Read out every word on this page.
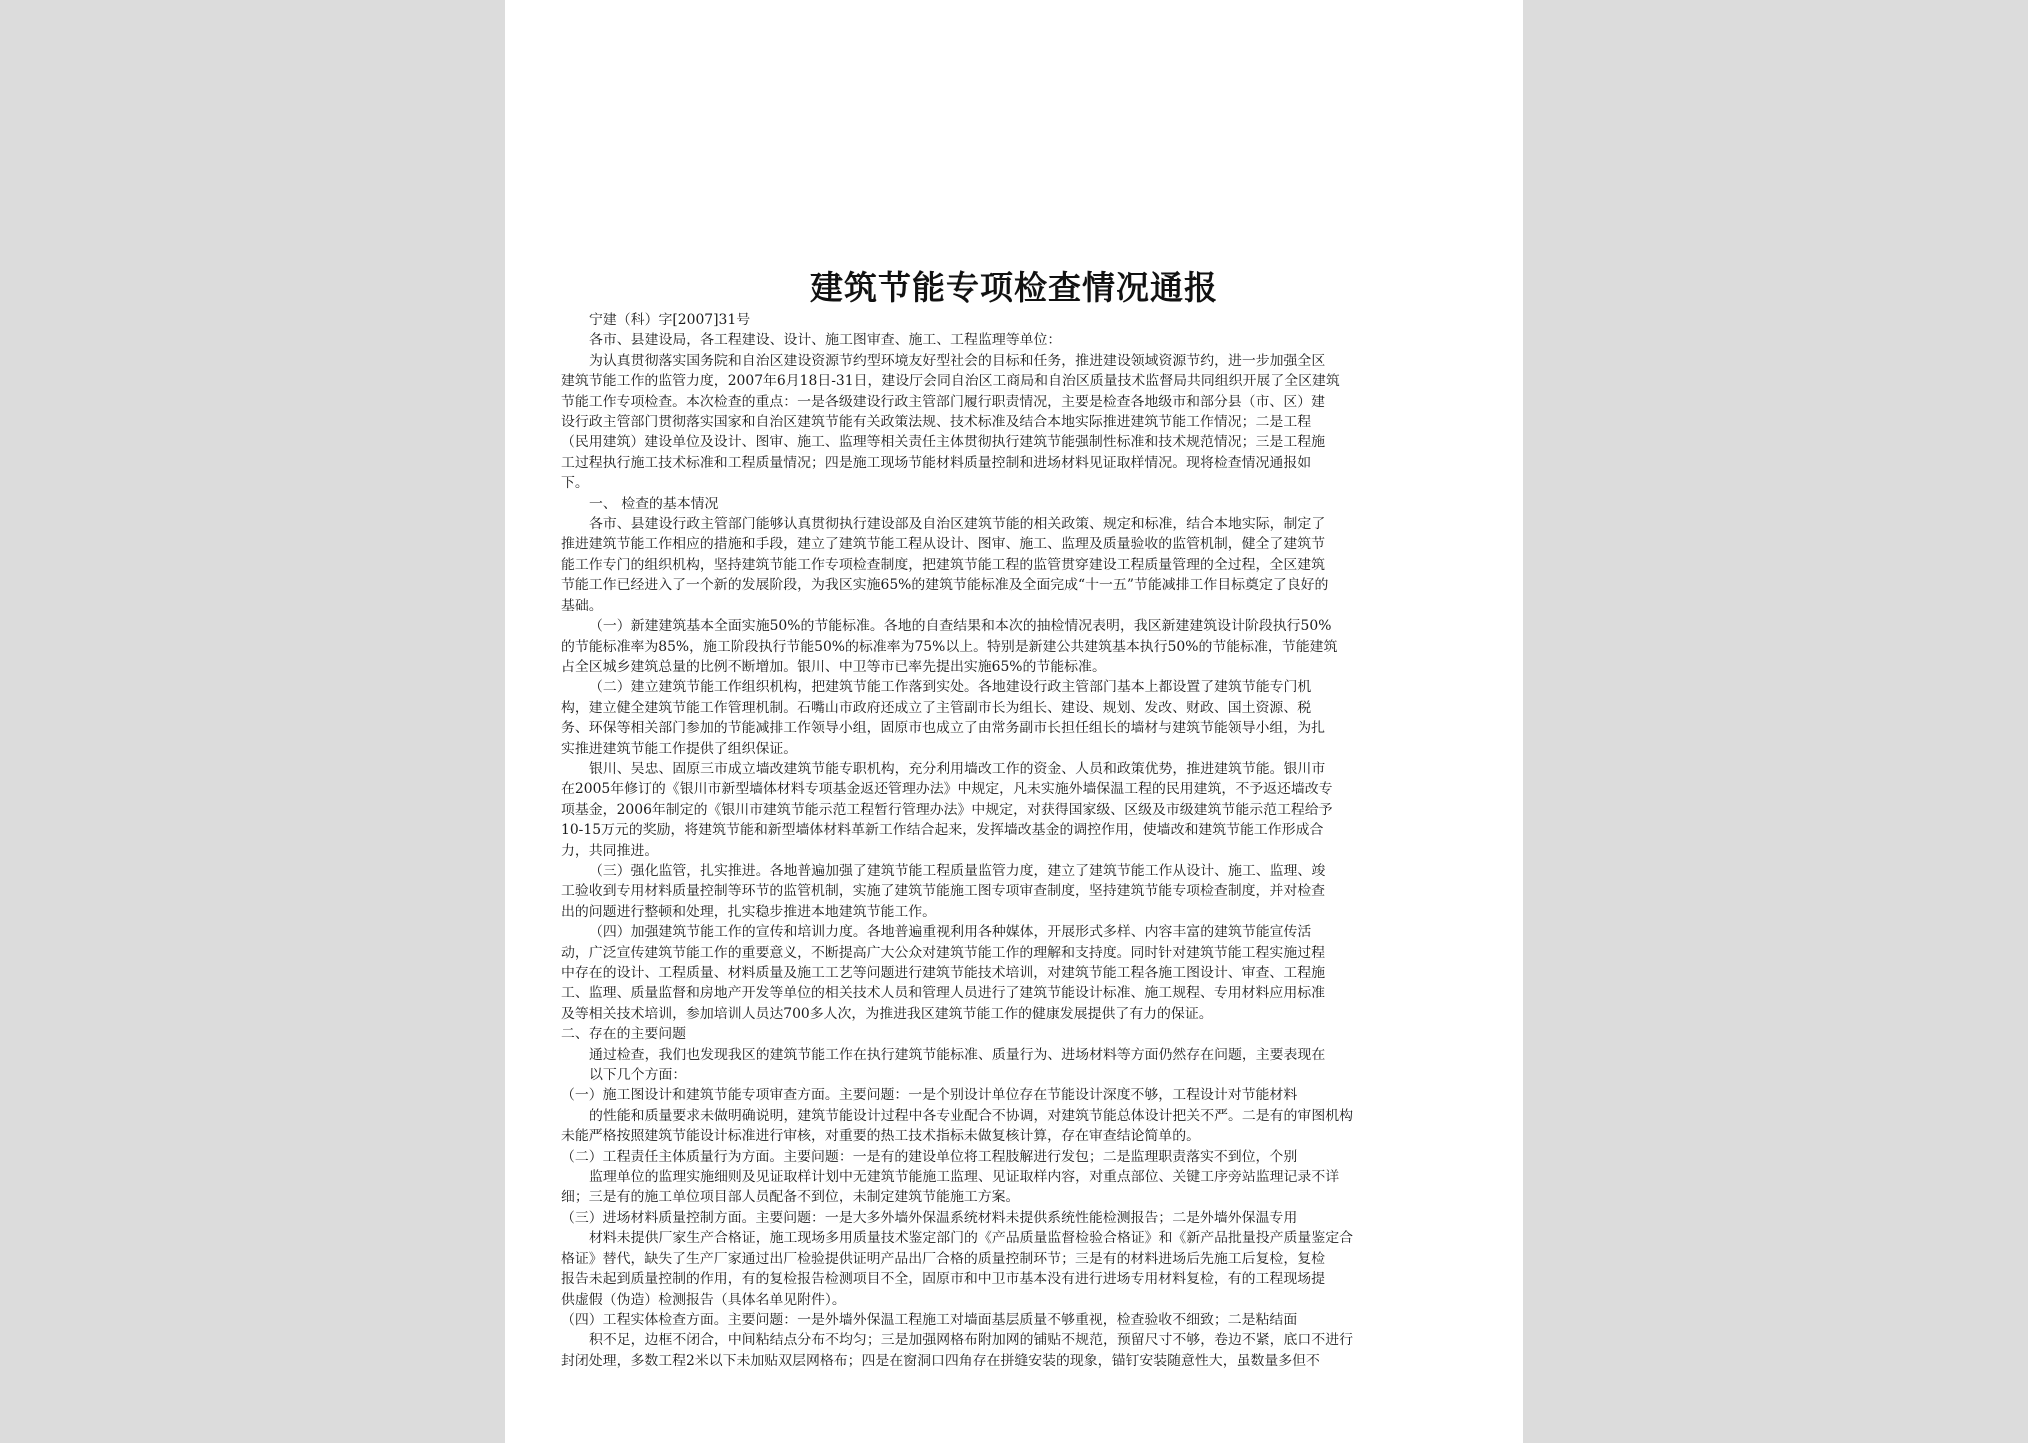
建筑节能专项检查情况通报

宁建（科）字[2007]31号

各市、县建设局，各工程建设、设计、施工图审查、施工、工程监理等单位：

为认真贯彻落实国务院和自治区建设资源节约型环境友好型社会的目标和任务，推进建设领域资源节约，进一步加强全区

建筑节能工作的监管力度，2007年6月18日-31日，建设厅会同自治区工商局和自治区质量技术监督局共同组织开展了全区建筑

节能工作专项检查。本次检查的重点：一是各级建设行政主管部门履行职责情况，主要是检查各地级市和部分县（市、区）建

设行政主管部门贯彻落实国家和自治区建筑节能有关政策法规、技术标准及结合本地实际推进建筑节能工作情况；二是工程

（民用建筑）建设单位及设计、图审、施工、监理等相关责任主体贯彻执行建筑节能强制性标准和技术规范情况；三是工程施

工过程执行施工技术标准和工程质量情况；四是施工现场节能材料质量控制和进场材料见证取样情况。现将检查情况通报如

下。

一、 检查的基本情况

各市、县建设行政主管部门能够认真贯彻执行建设部及自治区建筑节能的相关政策、规定和标准，结合本地实际，制定了

推进建筑节能工作相应的措施和手段，建立了建筑节能工程从设计、图审、施工、监理及质量验收的监管机制，健全了建筑节

能工作专门的组织机构，坚持建筑节能工作专项检查制度，把建筑节能工程的监管贯穿建设工程质量管理的全过程，全区建筑

节能工作已经进入了一个新的发展阶段，为我区实施65%的建筑节能标准及全面完成“十一五”节能减排工作目标奠定了良好的

基础。

（一）新建建筑基本全面实施50%的节能标准。各地的自查结果和本次的抽检情况表明，我区新建建筑设计阶段执行50%

的节能标准率为85%，施工阶段执行节能50%的标准率为75%以上。特别是新建公共建筑基本执行50%的节能标准，节能建筑

占全区城乡建筑总量的比例不断增加。银川、中卫等市已率先提出实施65%的节能标准。

（二）建立建筑节能工作组织机构，把建筑节能工作落到实处。各地建设行政主管部门基本上都设置了建筑节能专门机

构，建立健全建筑节能工作管理机制。石嘴山市政府还成立了主管副市长为组长、建设、规划、发改、财政、国土资源、税

务、环保等相关部门参加的节能减排工作领导小组，固原市也成立了由常务副市长担任组长的墙材与建筑节能领导小组，为扎

实推进建筑节能工作提供了组织保证。

银川、吴忠、固原三市成立墙改建筑节能专职机构，充分利用墙改工作的资金、人员和政策优势，推进建筑节能。银川市

在2005年修订的《银川市新型墙体材料专项基金返还管理办法》中规定，凡未实施外墙保温工程的民用建筑，不予返还墙改专

项基金，2006年制定的《银川市建筑节能示范工程暂行管理办法》中规定，对获得国家级、区级及市级建筑节能示范工程给予

10-15万元的奖励，将建筑节能和新型墙体材料革新工作结合起来，发挥墙改基金的调控作用，使墙改和建筑节能工作形成合

力，共同推进。

（三）强化监管，扎实推进。各地普遍加强了建筑节能工程质量监管力度，建立了建筑节能工作从设计、施工、监理、竣

工验收到专用材料质量控制等环节的监管机制，实施了建筑节能施工图专项审查制度，坚持建筑节能专项检查制度，并对检查

出的问题进行整顿和处理，扎实稳步推进本地建筑节能工作。

（四）加强建筑节能工作的宣传和培训力度。各地普遍重视利用各种媒体，开展形式多样、内容丰富的建筑节能宣传活

动，广泛宣传建筑节能工作的重要意义，不断提高广大公众对建筑节能工作的理解和支持度。同时针对建筑节能工程实施过程

中存在的设计、工程质量、材料质量及施工工艺等问题进行建筑节能技术培训，对建筑节能工程各施工图设计、审查、工程施

工、监理、质量监督和房地产开发等单位的相关技术人员和管理人员进行了建筑节能设计标准、施工规程、专用材料应用标准

及等相关技术培训，参加培训人员达700多人次，为推进我区建筑节能工作的健康发展提供了有力的保证。

二、存在的主要问题

通过检查，我们也发现我区的建筑节能工作在执行建筑节能标准、质量行为、进场材料等方面仍然存在问题，主要表现在

以下几个方面：

（一）施工图设计和建筑节能专项审查方面。主要问题：一是个别设计单位存在节能设计深度不够，工程设计对节能材料

的性能和质量要求未做明确说明，建筑节能设计过程中各专业配合不协调，对建筑节能总体设计把关不严。二是有的审图机构

未能严格按照建筑节能设计标准进行审核，对重要的热工技术指标未做复核计算，存在审查结论简单的。

（二）工程责任主体质量行为方面。主要问题：一是有的建设单位将工程肢解进行发包；二是监理职责落实不到位，个别

监理单位的监理实施细则及见证取样计划中无建筑节能施工监理、见证取样内容，对重点部位、关键工序旁站监理记录不详

细；三是有的施工单位项目部人员配备不到位，未制定建筑节能施工方案。

（三）进场材料质量控制方面。主要问题：一是大多外墙外保温系统材料未提供系统性能检测报告；二是外墙外保温专用

材料未提供厂家生产合格证，施工现场多用质量技术鉴定部门的《产品质量监督检验合格证》和《新产品批量投产质量鉴定合

格证》替代，缺失了生产厂家通过出厂检验提供证明产品出厂合格的质量控制环节；三是有的材料进场后先施工后复检，复检

报告未起到质量控制的作用，有的复检报告检测项目不全，固原市和中卫市基本没有进行进场专用材料复检，有的工程现场提

供虚假（伪造）检测报告（具体名单见附件）。

（四）工程实体检查方面。主要问题：一是外墙外保温工程施工对墙面基层质量不够重视，检查验收不细致；二是粘结面

积不足，边框不闭合，中间粘结点分布不均匀；三是加强网格布附加网的铺贴不规范，预留尺寸不够，卷边不紧，底口不进行

封闭处理，多数工程2米以下未加贴双层网格布；四是在窗洞口四角存在拼缝安装的现象，锚钉安装随意性大，虽数量多但不
